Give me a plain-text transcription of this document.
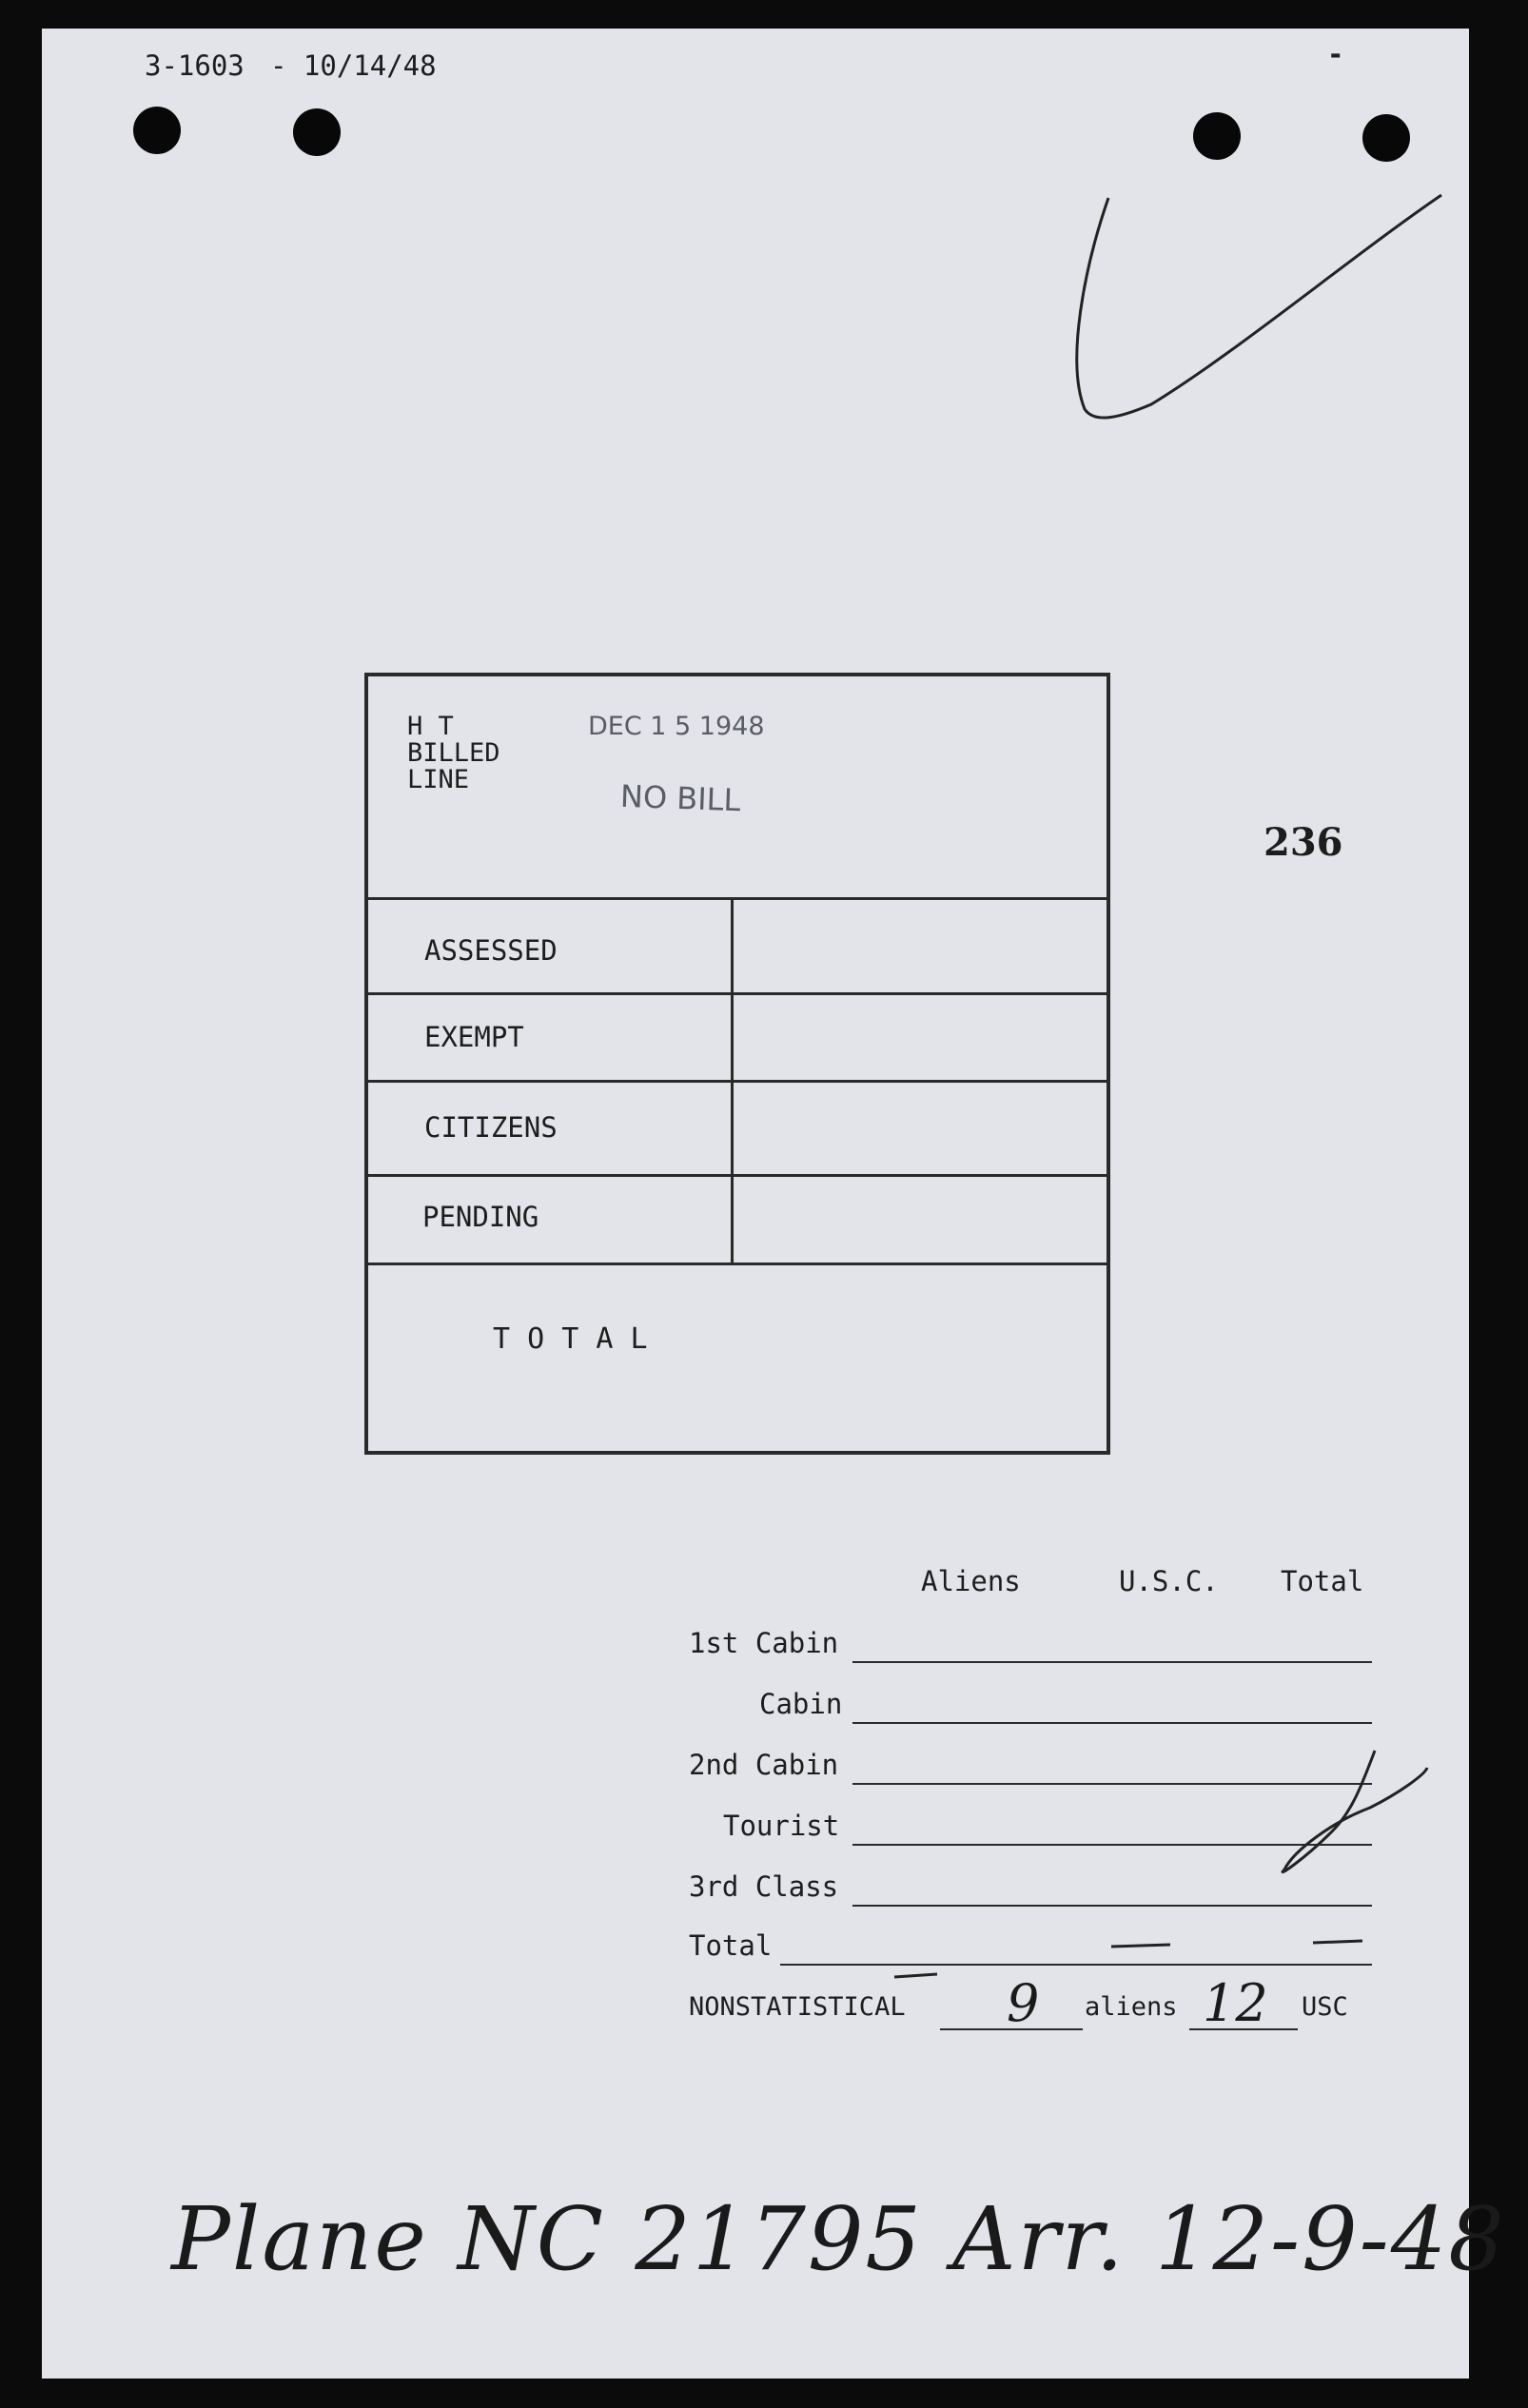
3-1603 - 10/14/48	-
236
H T
BILLED
LINE
DEC 1 5 1948
NO BILL
ASSESSED
EXEMPT
CITIZENS
PENDING
T O T A L
Aliens	U.S.C. Total
1st Cabin
Cabin
2nd Cabin
Tourist
3rd Class
Total
NONSTATISTICAL 9 aliens 12 USC
Plane NC 21795 Arr. 12-9-48
